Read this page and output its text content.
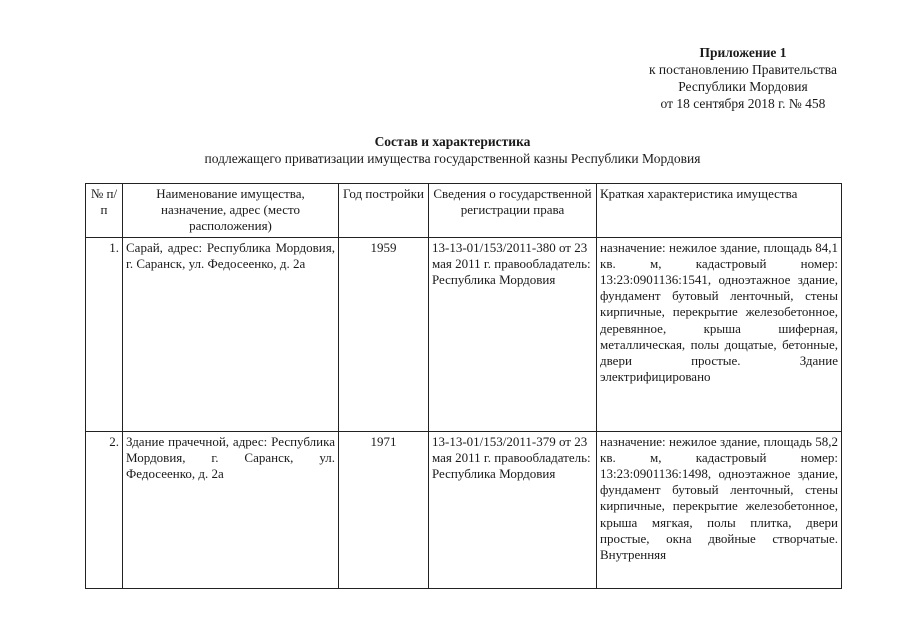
Приложение 1
к постановлению Правительства
Республики Мордовия
от 18 сентября 2018 г. № 458
Состав и характеристика
подлежащего приватизации имущества государственной казны Республики Мордовия
№ п/п	Наименование имущества, назначение, адрес (место расположения)	Год постройки	Сведения о государственной регистрации права	Краткая характеристика имущества
1.	Сарай, адрес: Республика Мордовия, г. Саранск, ул. Федосеенко, д. 2а	1959	13-13-01/153/2011-380 от 23 мая 2011 г. правообладатель: Республика Мордовия	назначение: нежилое здание, площадь 84,1 кв. м, кадастровый номер: 13:23:0901136:1541, одноэтажное здание, фундамент бутовый ленточный, стены кирпичные, перекрытие железобетонное, деревянное, крыша шиферная, металлическая, полы дощатые, бетонные, двери простые. Здание электрифицировано
2.	Здание прачечной, адрес: Республика Мордовия, г. Саранск, ул. Федосеенко, д. 2а	1971	13-13-01/153/2011-379 от 23 мая 2011 г. правообладатель: Республика Мордовия	назначение: нежилое здание, площадь 58,2 кв. м, кадастровый номер: 13:23:0901136:1498, одноэтажное здание, фундамент бутовый ленточный, стены кирпичные, перекрытие железобетонное, крыша мягкая, полы плитка, двери простые, окна двойные створчатые. Внутренняя
